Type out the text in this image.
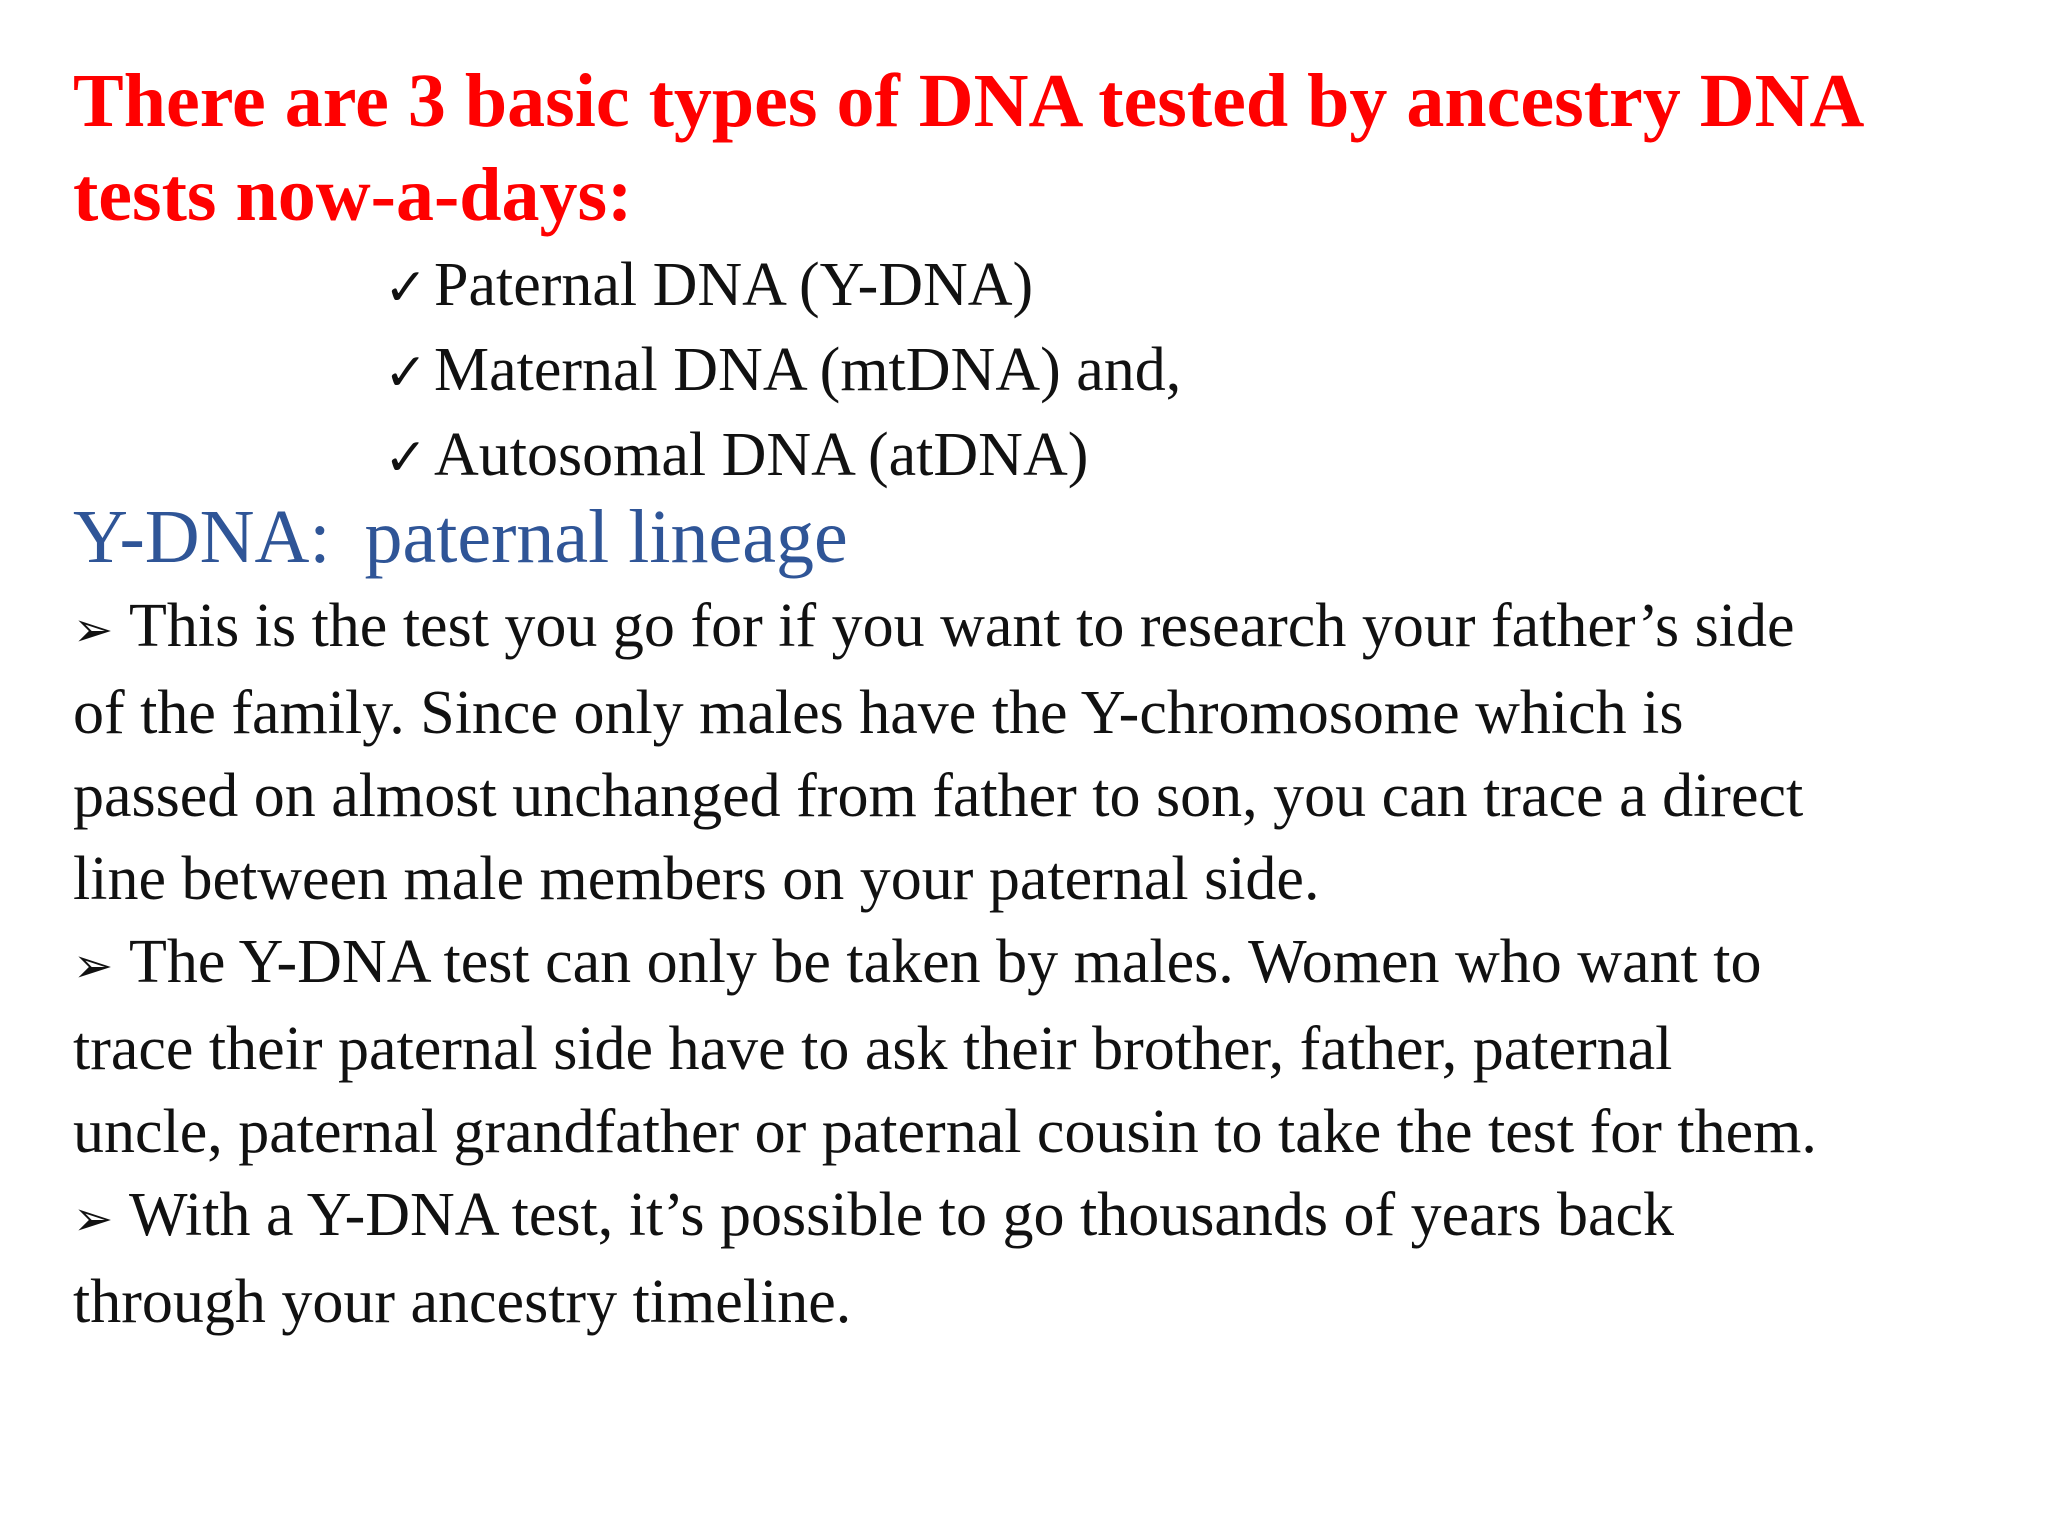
There are 3 basic types of DNA tested by ancestry DNA
tests now-a-days:
✓ Paternal DNA (Y-DNA)
✓ Maternal DNA (mtDNA) and,
✓ Autosomal DNA (atDNA)
Y-DNA: paternal lineage
➢ This is the test you go for if you want to research your father’s side
of the family. Since only males have the Y-chromosome which is
passed on almost unchanged from father to son, you can trace a direct
line between male members on your paternal side.
➢ The Y-DNA test can only be taken by males. Women who want to
trace their paternal side have to ask their brother, father, paternal
uncle, paternal grandfather or paternal cousin to take the test for them.
➢ With a Y-DNA test, it’s possible to go thousands of years back
through your ancestry timeline.
